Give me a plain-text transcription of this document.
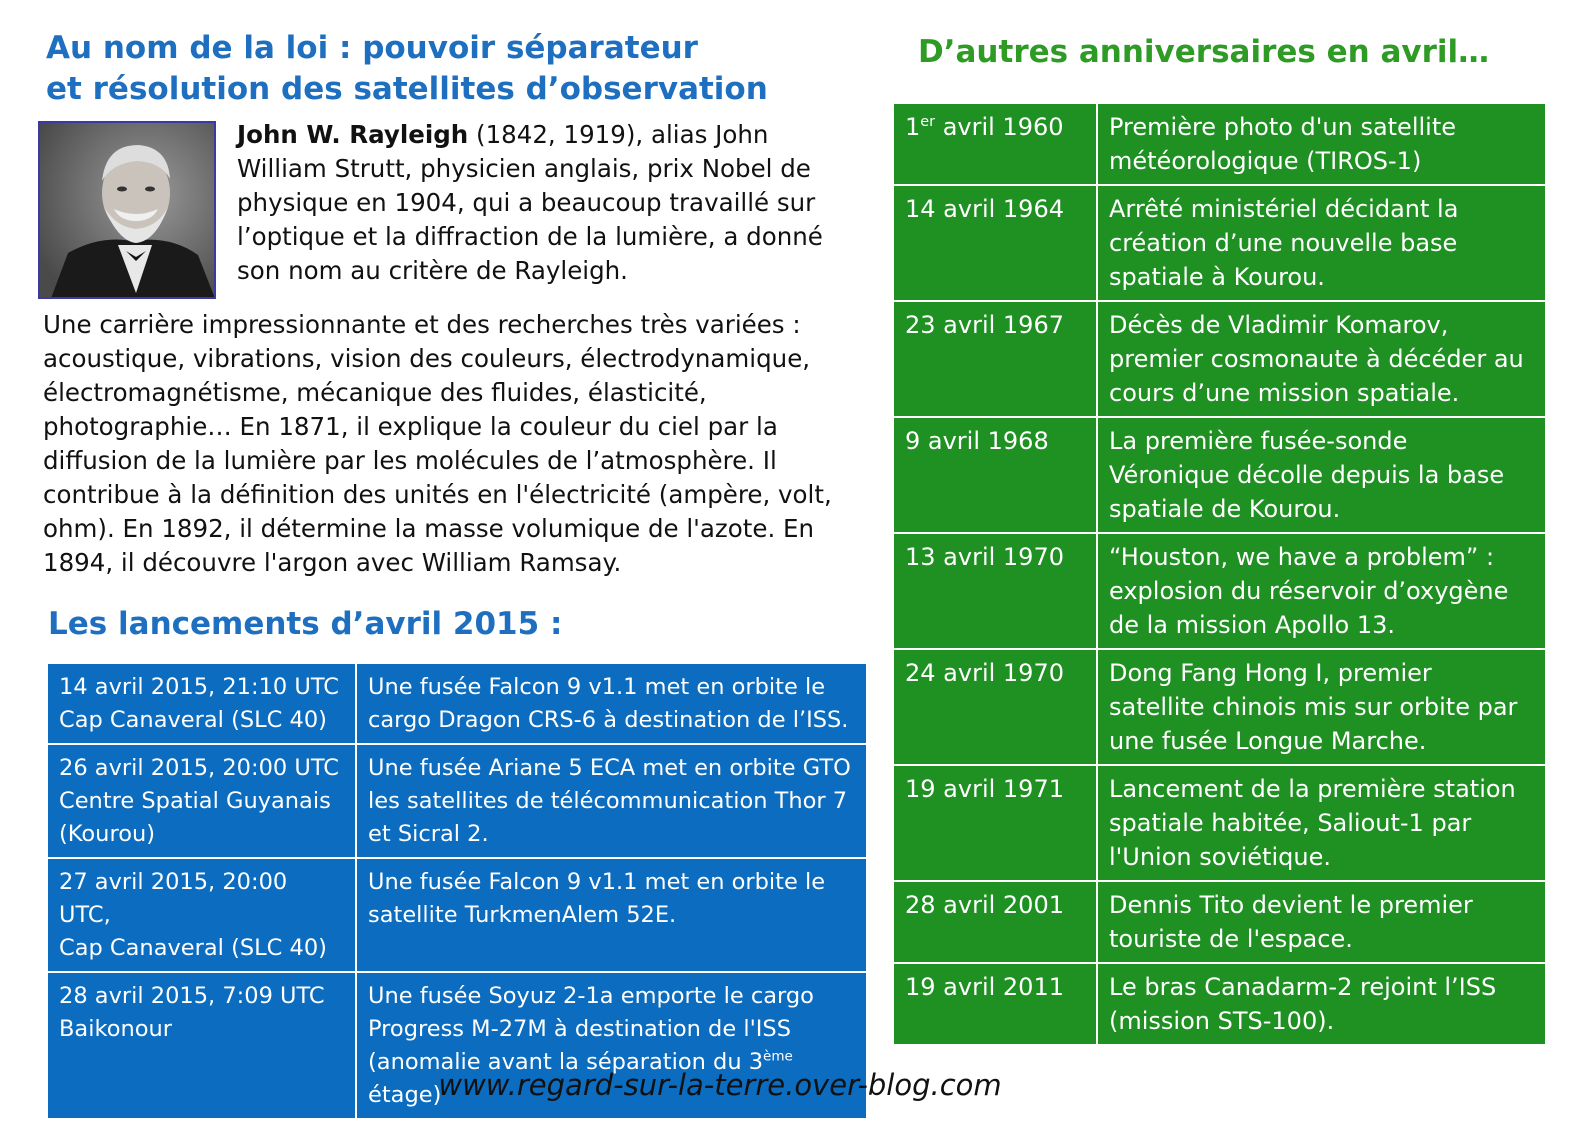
Au nom de la loi : pouvoir séparateur
et résolution des satellites d’observation
John W. Rayleigh (1842, 1919), alias John William Strutt, physicien anglais, prix Nobel de physique en 1904, qui a beaucoup travaillé sur l’optique et la diffraction de la lumière, a donné son nom au critère de Rayleigh.
Une carrière impressionnante et des recherches très variées : acoustique, vibrations, vision des couleurs, électrodynamique, électromagnétisme, mécanique des fluides, élasticité, photographie… En 1871, il explique la couleur du ciel par la diffusion de la lumière par les molécules de l’atmosphère. Il contribue à la définition des unités en l'électricité (ampère, volt, ohm). En 1892, il détermine la masse volumique de l'azote. En 1894, il découvre l'argon avec William Ramsay.
Les lancements d’avril 2015 :
14 avril 2015, 21:10 UTC
Cap Canaveral (SLC 40)	Une fusée Falcon 9 v1.1 met en orbite le cargo Dragon CRS-6 à destination de l’ISS.
26 avril 2015, 20:00 UTC
Centre Spatial Guyanais (Kourou)	Une fusée Ariane 5 ECA met en orbite GTO les satellites de télécommunication Thor 7 et Sicral 2.
27 avril 2015, 20:00 UTC,
Cap Canaveral (SLC 40)	Une fusée Falcon 9 v1.1 met en orbite le satellite TurkmenAlem 52E.
28 avril 2015, 7:09 UTC
Baikonour	Une fusée Soyuz 2-1a emporte le cargo Progress M-27M à destination de l'ISS (anomalie avant la séparation du 3ème étage)
D’autres anniversaires en avril…
1er avril 1960	Première photo d'un satellite météorologique (TIROS-1)
14 avril 1964	Arrêté ministériel décidant la création d’une nouvelle base spatiale à Kourou.
23 avril 1967	Décès de Vladimir Komarov, premier cosmonaute à décéder au cours d’une mission spatiale.
9 avril 1968	La première fusée-sonde Véronique décolle depuis la base spatiale de Kourou.
13 avril 1970	“Houston, we have a problem” : explosion du réservoir d’oxygène de la mission Apollo 13.
24 avril 1970	Dong Fang Hong I, premier satellite chinois mis sur orbite par une fusée Longue Marche.
19 avril 1971	Lancement de la première station spatiale habitée, Saliout-1 par l'Union soviétique.
28 avril 2001	Dennis Tito devient le premier touriste de l'espace.
19 avril 2011	Le bras Canadarm-2 rejoint l’ISS (mission STS-100).
www.regard-sur-la-terre.over-blog.com
